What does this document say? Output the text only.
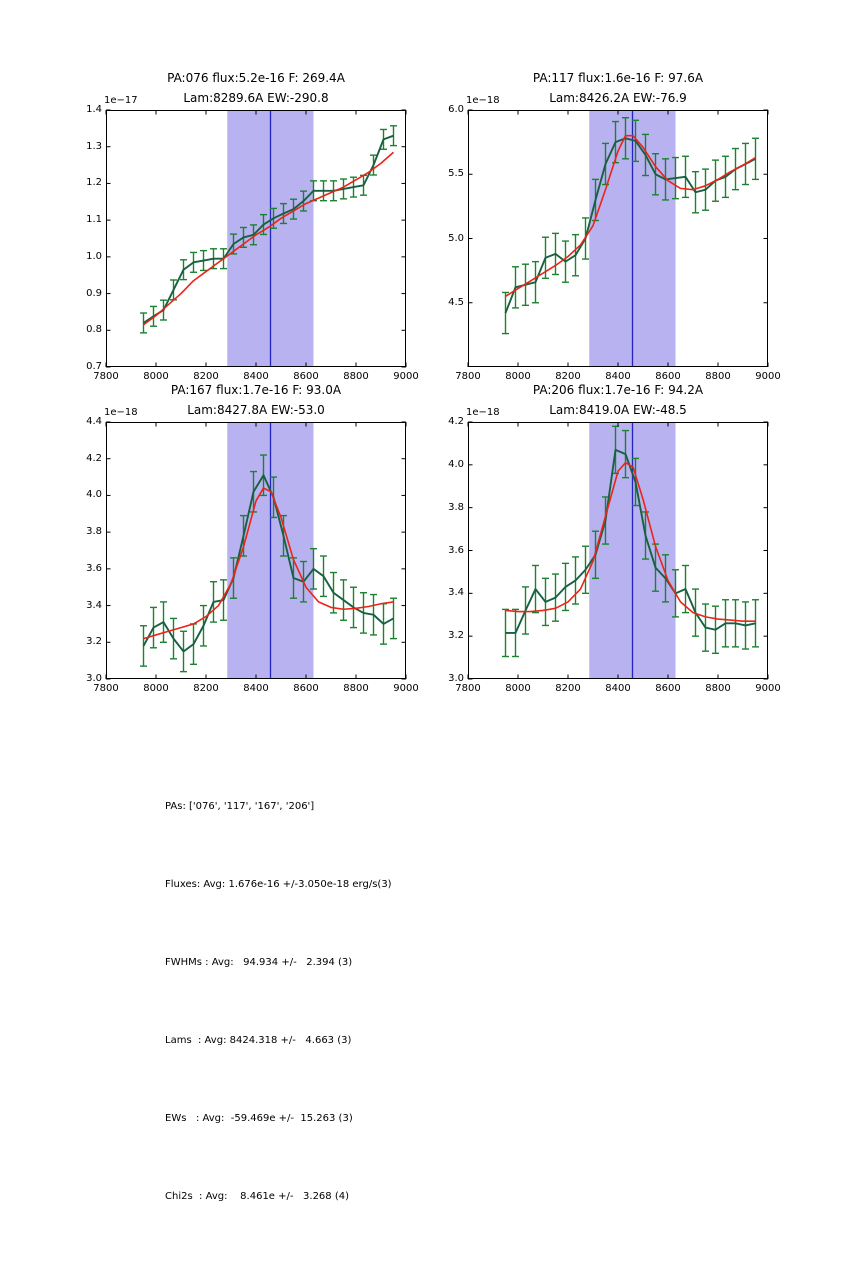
PA:076 flux:5.2e-16 F: 269.4A
Lam:8289.6A EW:-290.8
1e−17
7800	8000	8200	8400	8600	8800	9000
0.7
0.8
0.9
1.0
1.1
1.2
1.3
1.4
PA:117 flux:1.6e-16 F: 97.6A
Lam:8426.2A EW:-76.9
1e−18
7800	8000	8200	8400	8600	8800	9000
4.5
5.0
5.5
6.0
PA:167 flux:1.7e-16 F: 93.0A
Lam:8427.8A EW:-53.0
1e−18
7800	8000	8200	8400	8600	8800	9000
3.0
3.2
3.4
3.6
3.8
4.0
4.2
4.4
PA:206 flux:1.7e-16 F: 94.2A
Lam:8419.0A EW:-48.5
1e−18
7800	8000	8200	8400	8600	8800	9000
3.0
3.2
3.4
3.6
3.8
4.0
4.2

PAs: ['076', '117', '167', '206']

Fluxes: Avg: 1.676e-16 +/-3.050e-18 erg/s(3)

FWHMs : Avg:   94.934 +/-   2.394 (3)

Lams  : Avg: 8424.318 +/-   4.663 (3)

EWs   : Avg:  -59.469e +/-  15.263 (3)

Chi2s  : Avg:    8.461e +/-   3.268 (4)
